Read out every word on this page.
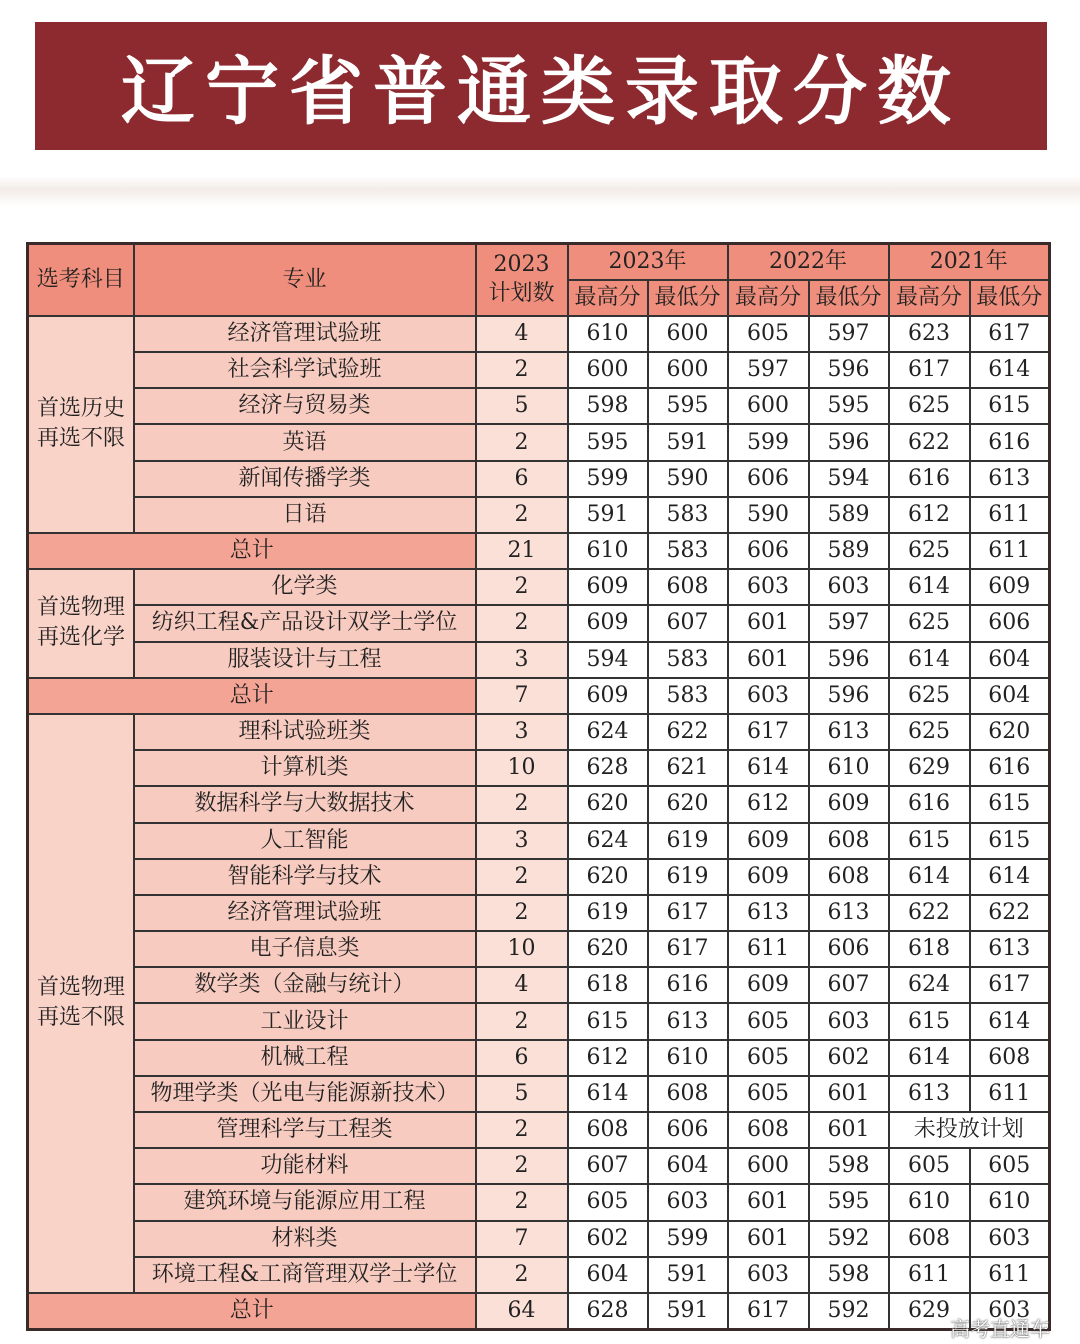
辽宁省普通类录取分数
选考科目	专业	2023
计划数	2023年		2022年		2021年	
			最高分	最低分	最高分	最低分	最高分	最低分
首选历史
再选不限	经济管理试验班	4	610	600	605	597	623	617
	社会科学试验班	2	600	600	597	596	617	614
	经济与贸易类	5	598	595	600	595	625	615
	英语	2	595	591	599	596	622	616
	新闻传播学类	6	599	590	606	594	616	613
	日语	2	591	583	590	589	612	611
总计		21	610	583	606	589	625	611
首选物理
再选化学	化学类	2	609	608	603	603	614	609
	纺织工程&产品设计双学士学位	2	609	607	601	597	625	606
	服装设计与工程	3	594	583	601	596	614	604
总计		7	609	583	603	596	625	604
首选物理
再选不限	理科试验班类	3	624	622	617	613	625	620
	计算机类	10	628	621	614	610	629	616
	数据科学与大数据技术	2	620	620	612	609	616	615
	人工智能	3	624	619	609	608	615	615
	智能科学与技术	2	620	619	609	608	614	614
	经济管理试验班	2	619	617	613	613	622	622
	电子信息类	10	620	617	611	606	618	613
	数学类（金融与统计）	4	618	616	609	607	624	617
	工业设计	2	615	613	605	603	615	614
	机械工程	6	612	610	605	602	614	608
	物理学类（光电与能源新技术）	5	614	608	605	601	613	611
	管理科学与工程类	2	608	606	608	601	未投放计划	
	功能材料	2	607	604	600	598	605	605
	建筑环境与能源应用工程	2	605	603	601	595	610	610
	材料类	7	602	599	601	592	608	603
	环境工程&工商管理双学士学位	2	604	591	603	598	611	611
总计		64	628	591	617	592	629	603
高考直通车
